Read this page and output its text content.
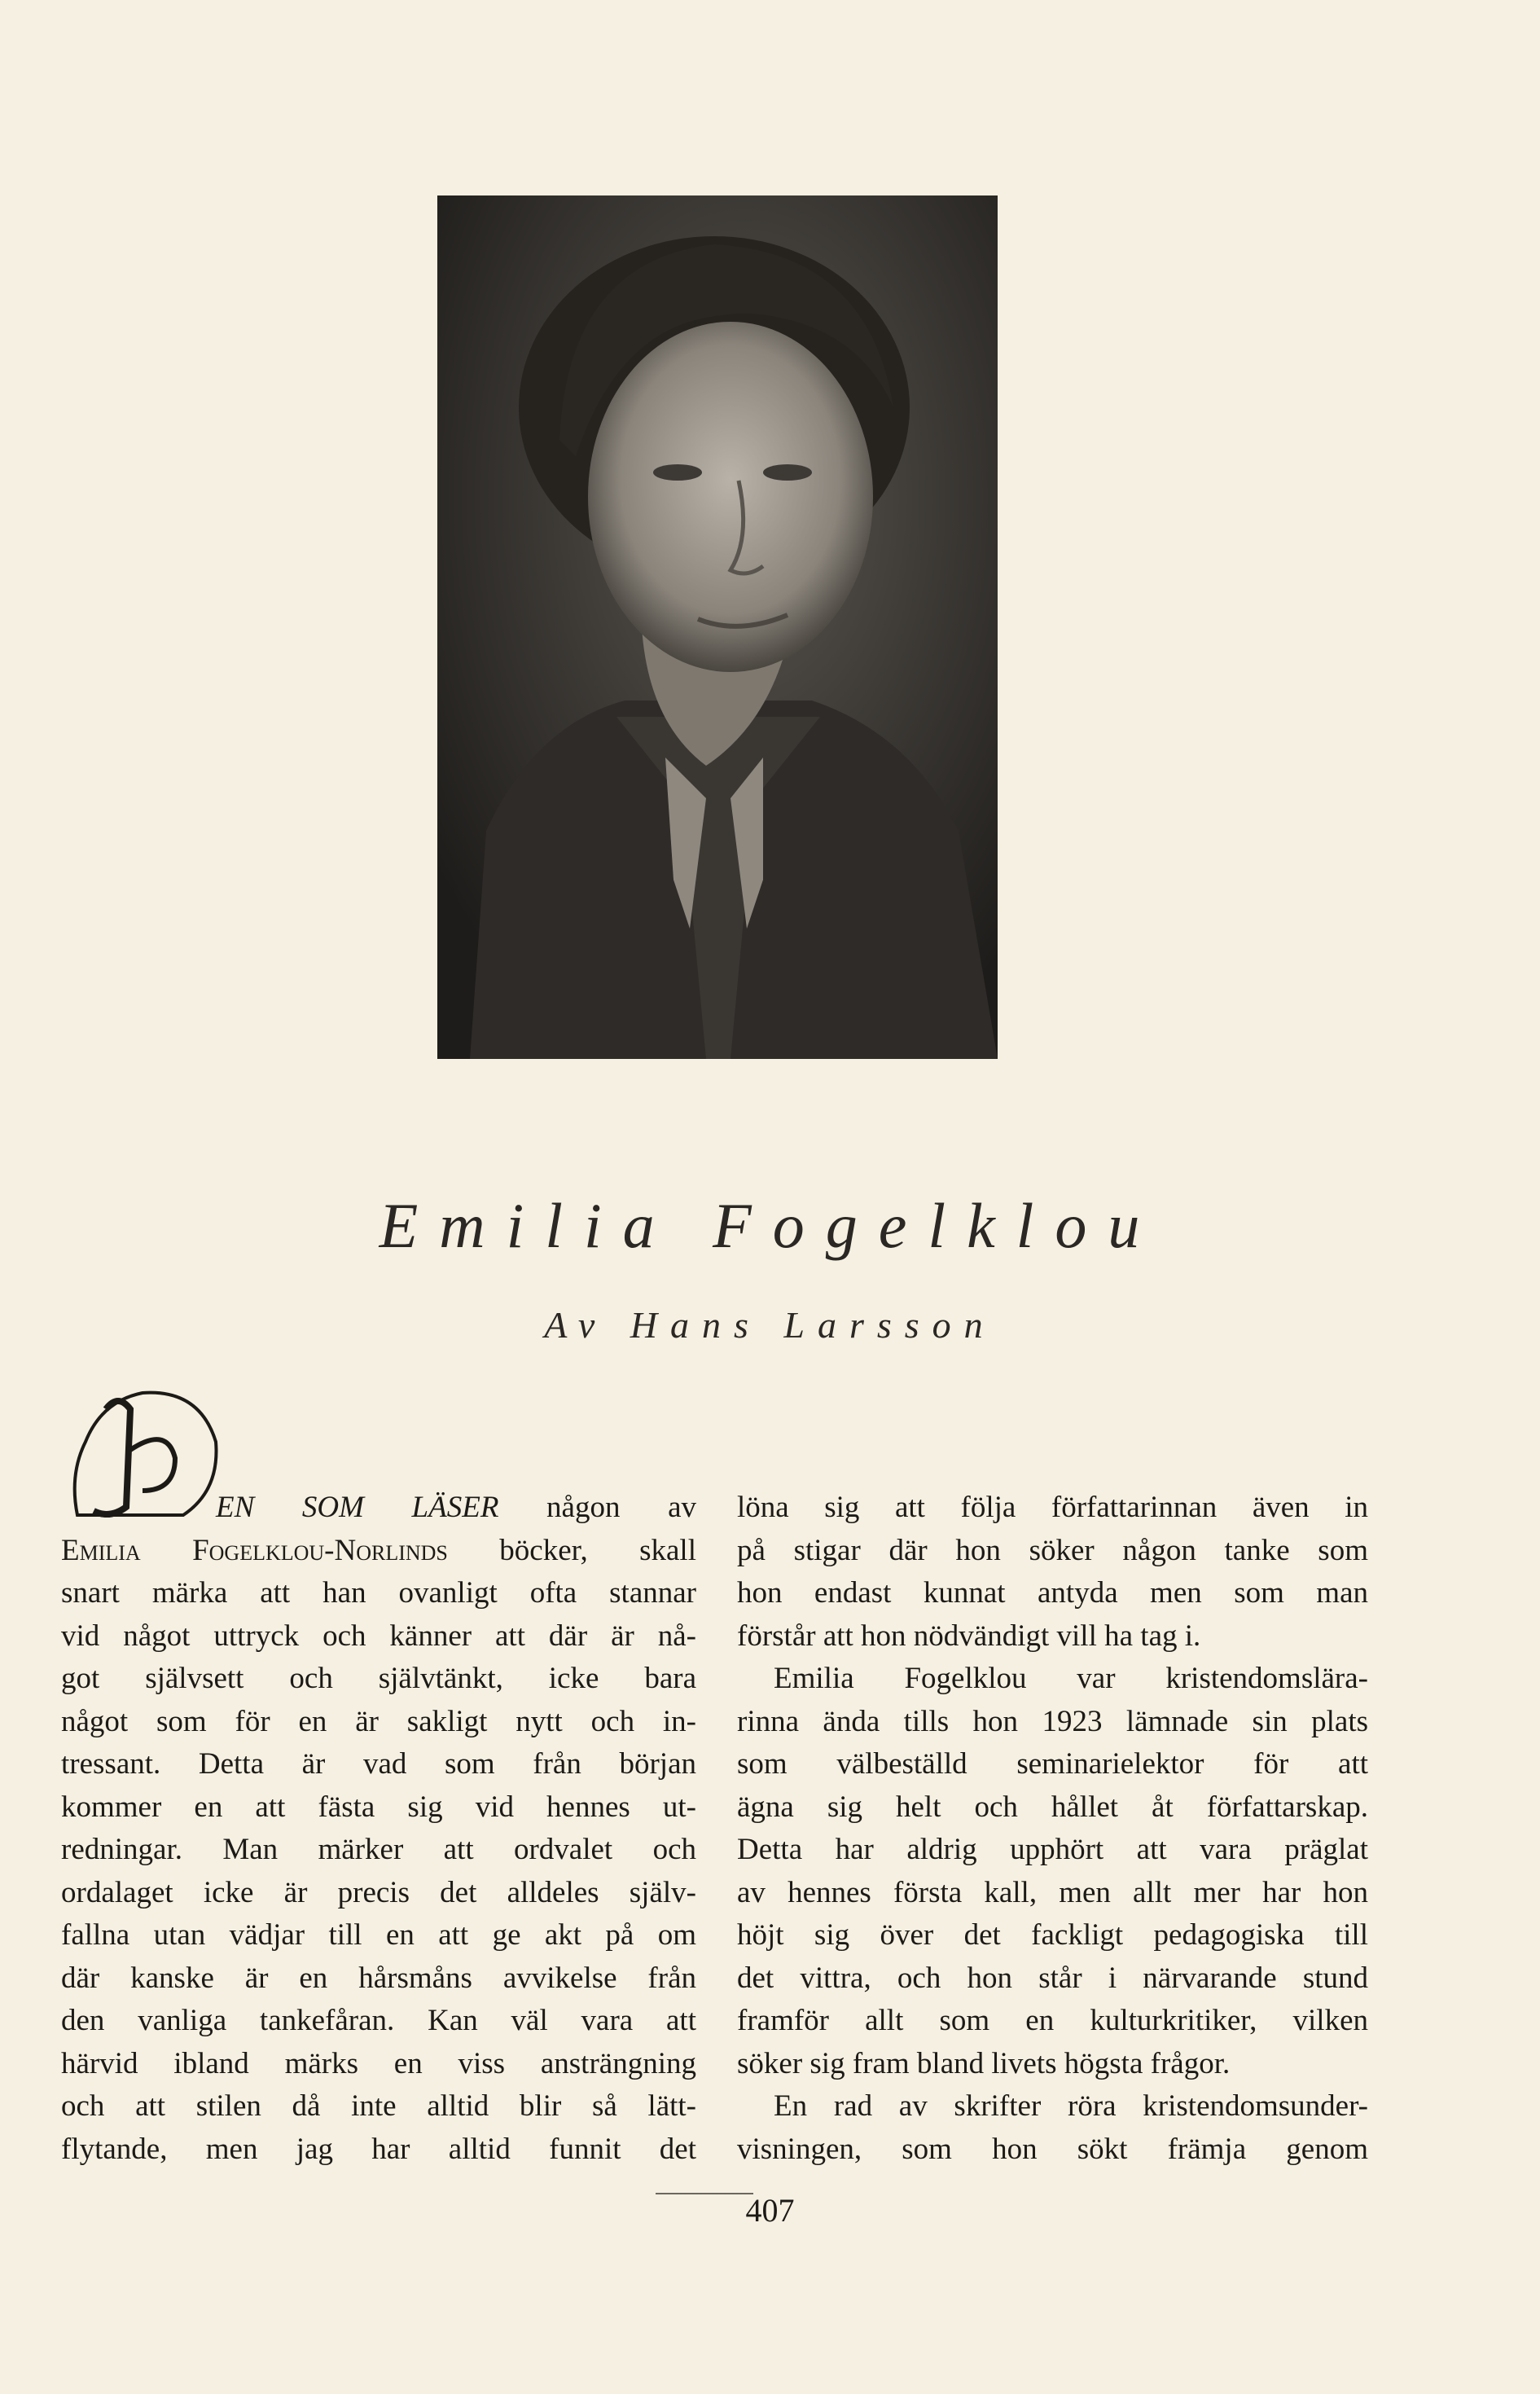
Emilia Fogelklou
Av Hans Larsson
EN SOM LÄSER någon av
Emilia Fogelklou-Norlinds böcker, skall
snart märka att han ovanligt ofta stannar
vid något uttryck och känner att där är nå-
got självsett och självtänkt, icke bara
något som för en är sakligt nytt och in-
tressant. Detta är vad som från början
kommer en att fästa sig vid hennes ut-
redningar. Man märker att ordvalet och
ordalaget icke är precis det alldeles själv-
fallna utan vädjar till en att ge akt på om
där kanske är en hårsmåns avvikelse från
den vanliga tankefåran. Kan väl vara att
härvid ibland märks en viss ansträngning
och att stilen då inte alltid blir så lätt-
flytande, men jag har alltid funnit det
löna sig att följa författarinnan även in
på stigar där hon söker någon tanke som
hon endast kunnat antyda men som man
förstår att hon nödvändigt vill ha tag i.
Emilia Fogelklou var kristendomslära-
rinna ända tills hon 1923 lämnade sin plats
som välbeställd seminarielektor för att
ägna sig helt och hållet åt författarskap.
Detta har aldrig upphört att vara präglat
av hennes första kall, men allt mer har hon
höjt sig över det fackligt pedagogiska till
det vittra, och hon står i närvarande stund
framför allt som en kulturkritiker, vilken
söker sig fram bland livets högsta frågor.
En rad av skrifter röra kristendomsunder-
visningen, som hon sökt främja genom
407
